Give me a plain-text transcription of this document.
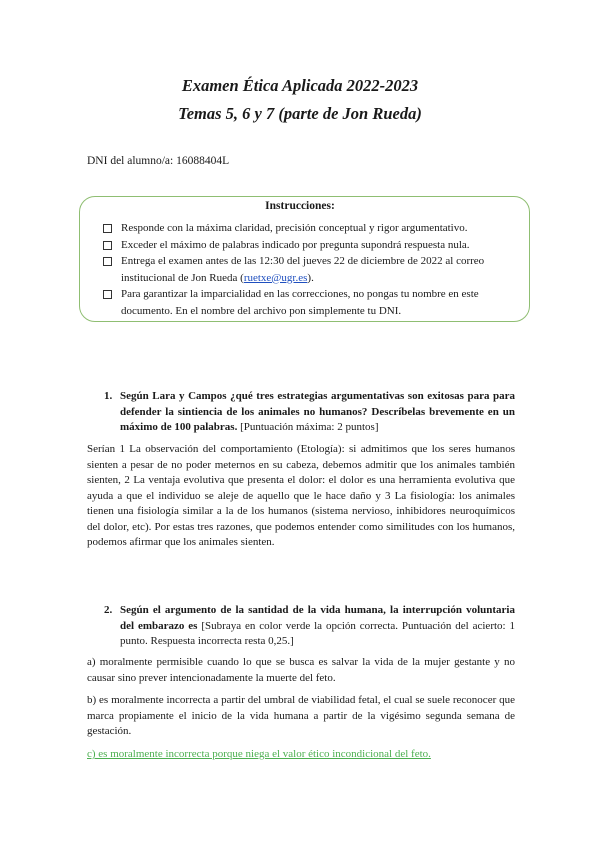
Examen Ética Aplicada 2022-2023
Temas 5, 6 y 7 (parte de Jon Rueda)
DNI del alumno/a: 16088404L
Instrucciones:
Responde con la máxima claridad, precisión conceptual y rigor argumentativo.
Exceder el máximo de palabras indicado por pregunta supondrá respuesta nula.
Entrega el examen antes de las 12:30 del jueves 22 de diciembre de 2022 al correo institucional de Jon Rueda (ruetxe@ugr.es).
Para garantizar la imparcialidad en las correcciones, no pongas tu nombre en este documento. En el nombre del archivo pon simplemente tu DNI.
1. Según Lara y Campos ¿qué tres estrategias argumentativas son exitosas para para defender la sintiencia de los animales no humanos? Descríbelas brevemente en un máximo de 100 palabras. [Puntuación máxima: 2 puntos]

Serían 1 La observación del comportamiento (Etología): si admitimos que los seres humanos sienten a pesar de no poder meternos en su cabeza, debemos admitir que los animales también sienten, 2 La ventaja evolutiva que presenta el dolor: el dolor es una herramienta evolutiva que ayuda a que el individuo se aleje de aquello que le hace daño y 3 La fisiología: los animales tienen una fisiología similar a la de los humanos (sistema nervioso, inhibidores neuroquímicos del dolor, etc). Por estas tres razones, que podemos entender como similitudes con los humanos, podemos afirmar que los animales sienten.

2. Según el argumento de la santidad de la vida humana, la interrupción voluntaria del embarazo es [Subraya en color verde la opción correcta. Puntuación del acierto: 1 punto. Respuesta incorrecta resta 0,25.]

a) moralmente permisible cuando lo que se busca es salvar la vida de la mujer gestante y no causar sino prever intencionadamente la muerte del feto.

b) es moralmente incorrecta a partir del umbral de viabilidad fetal, el cual se suele reconocer que marca propiamente el inicio de la vida humana a partir de la vigésimo segunda semana de gestación.

c) es moralmente incorrecta porque niega el valor ético incondicional del feto.
